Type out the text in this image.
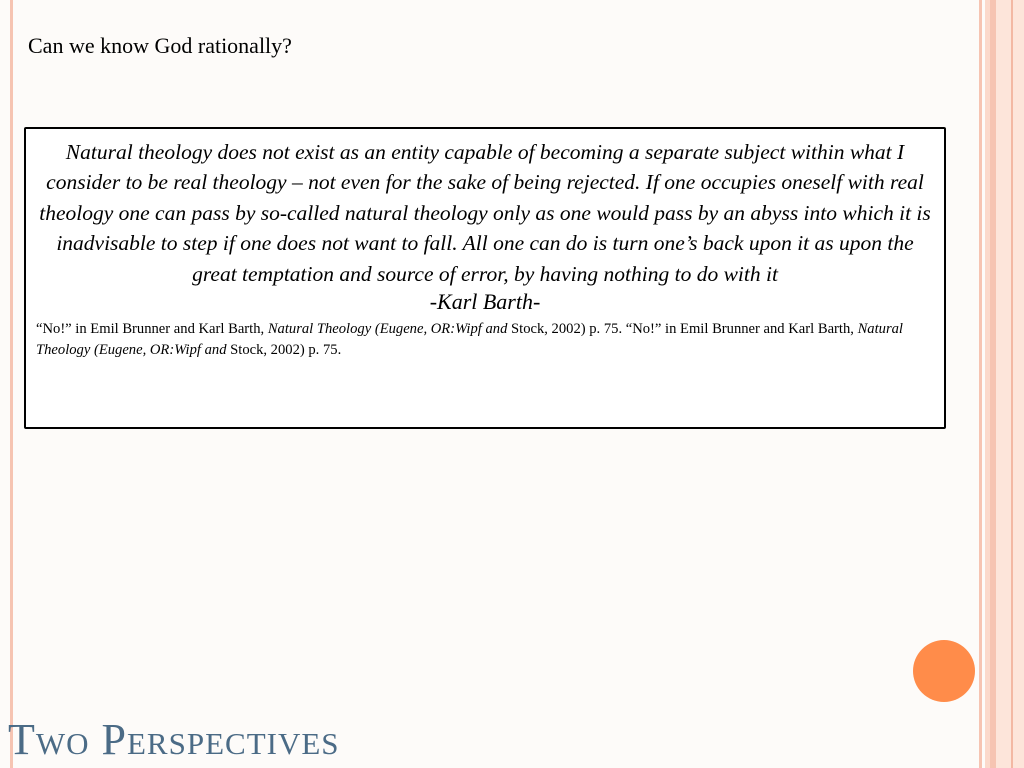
Can we know God rationally?
Natural theology does not exist as an entity capable of becoming a separate subject within what I consider to be real theology – not even for the sake of being rejected. If one occupies oneself with real theology one can pass by so-called natural theology only as one would pass by an abyss into which it is inadvisable to step if one does not want to fall. All one can do is turn one’s back upon it as upon the great temptation and source of error, by having nothing to do with it
-Karl Barth-
“No!” in Emil Brunner and Karl Barth, Natural Theology (Eugene, OR:Wipf and Stock, 2002) p. 75. “No!” in Emil Brunner and Karl Barth, Natural Theology (Eugene, OR:Wipf and Stock, 2002) p. 75.
Two Perspectives
